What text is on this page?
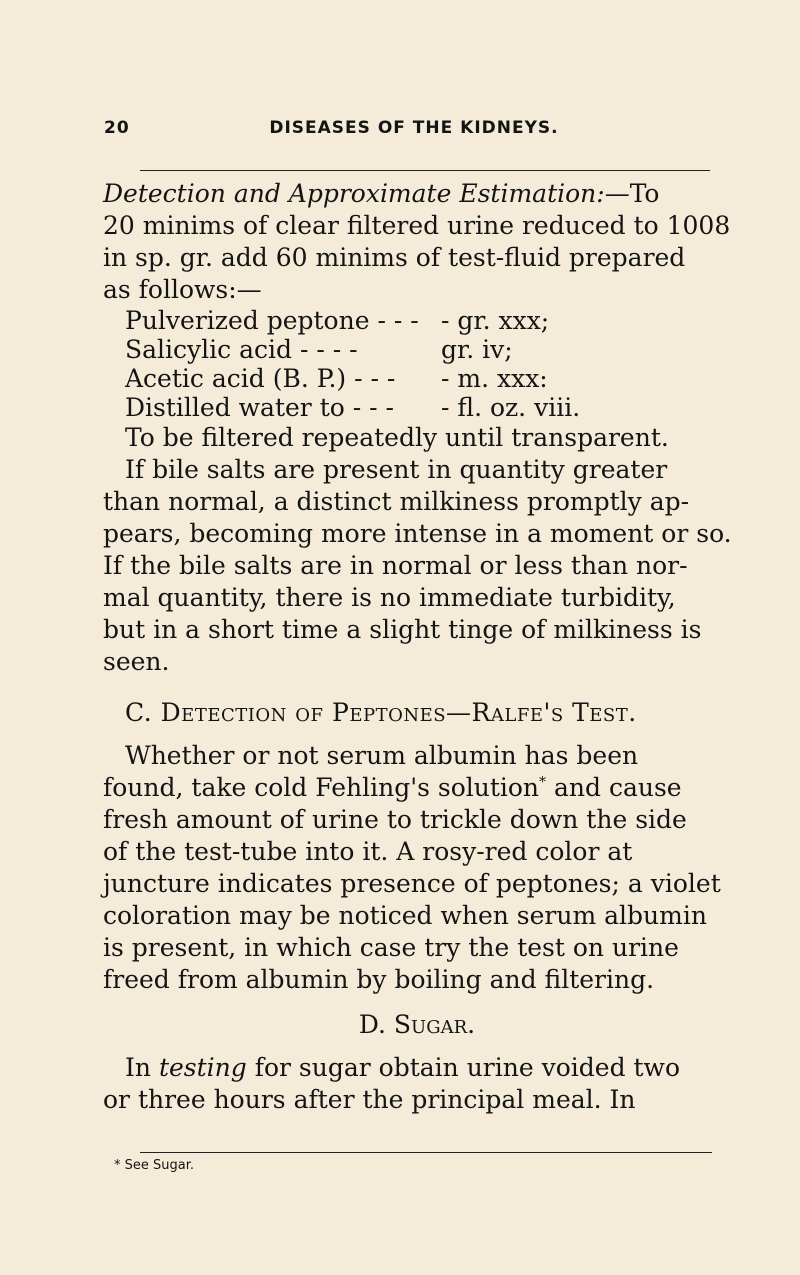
20	DISEASES OF THE KIDNEYS.

Detection and Approximate Estimation:—To
20 minims of clear filtered urine reduced to 1008
in sp. gr. add 60 minims of test-fluid prepared
as follows:—

Pulverized peptone - - - - gr. xxx;
Salicylic acid - - - -	gr. iv;
Acetic acid (B. P.) - - -	- m. xxx:
Distilled water to - - -	- fl. oz. viii.

To be filtered repeatedly until transparent.

If bile salts are present in quantity greater

than normal, a distinct milkiness promptly ap-
pears, becoming more intense in a moment or so.
If the bile salts are in normal or less than nor-
mal quantity, there is no immediate turbidity,
but in a short time a slight tinge of milkiness is
seen.

C. Detection of Peptones—Ralfe's Test.

Whether or not serum albumin has been

found, take cold Fehling's solution* and cause
fresh amount of urine to trickle down the side
of the test-tube into it. A rosy-red color at
juncture indicates presence of peptones; a violet
coloration may be noticed when serum albumin
is present, in which case try the test on urine
freed from albumin by boiling and filtering.

D. Sugar.

In testing for sugar obtain urine voided two

or three hours after the principal meal. In

* See Sugar.
